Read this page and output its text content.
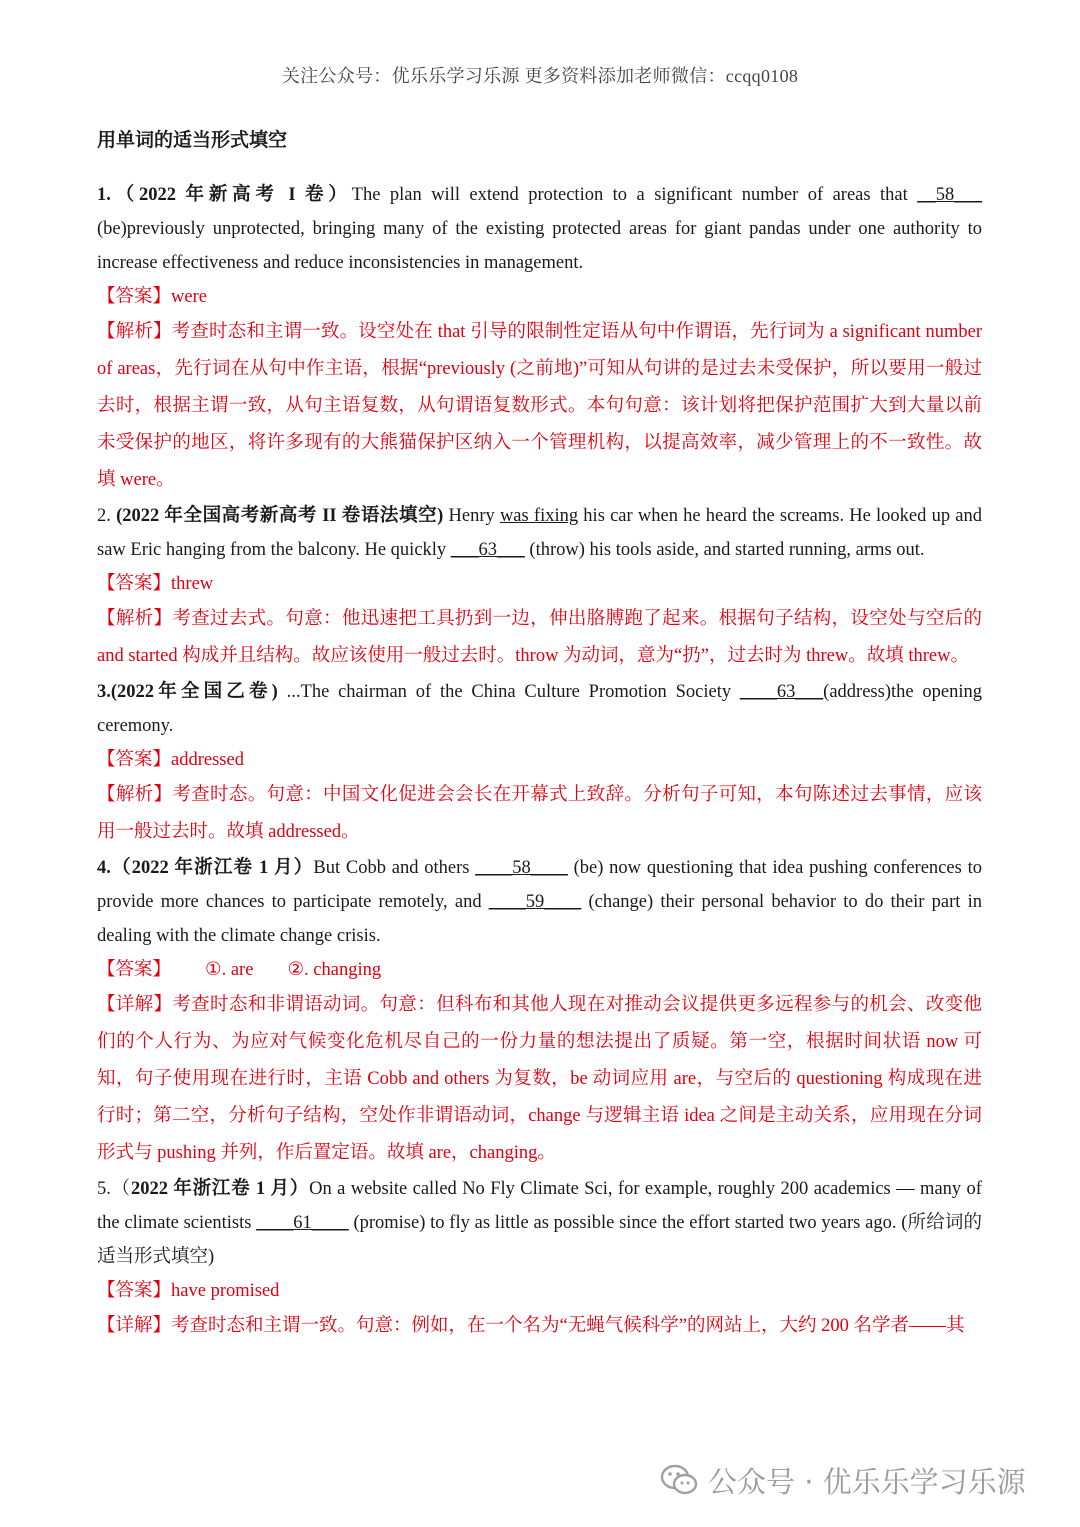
关注公众号：优乐乐学习乐源 更多资料添加老师微信：ccqq0108
用单词的适当形式填空

1.（2022 年新高考 I 卷）The plan will extend protection to a significant number of areas that __58___ (be)previously unprotected, bringing many of the existing protected areas for giant pandas under one authority to increase effectiveness and reduce inconsistencies in management.

【答案】were

【解析】考查时态和主谓一致。设空处在 that 引导的限制性定语从句中作谓语，先行词为 a significant number of areas，先行词在从句中作主语，根据“previously (之前地)”可知从句讲的是过去未受保护，所以要用一般过去时，根据主谓一致，从句主语复数，从句谓语复数形式。本句句意：该计划将把保护范围扩大到大量以前未受保护的地区，将许多现有的大熊猫保护区纳入一个管理机构，以提高效率，减少管理上的不一致性。故填 were。

2. (2022 年全国高考新高考 II 卷语法填空) Henry was fixing his car when he heard the screams. He looked up and saw Eric hanging from the balcony. He quickly ___63___ (throw) his tools aside, and started running, arms out.

【答案】threw

【解析】考查过去式。句意：他迅速把工具扔到一边，伸出胳膊跑了起来。根据句子结构，设空处与空后的 and started 构成并且结构。故应该使用一般过去时。throw 为动词，意为“扔”，过去时为 threw。故填 threw。

3.(2022年全国乙卷) ...The chairman of the China Culture Promotion Society ____63___(address)the opening ceremony.

【答案】addressed

【解析】考查时态。句意：中国文化促进会会长在开幕式上致辞。分析句子可知，本句陈述过去事情，应该用一般过去时。故填 addressed。

4.（2022 年浙江卷 1 月）But Cobb and others ____58____ (be) now questioning that idea pushing conferences to provide more chances to participate remotely, and ____59____ (change) their personal behavior to do their part in dealing with the climate change crisis.

【答案】 ①. are ②. changing

【详解】考查时态和非谓语动词。句意：但科布和其他人现在对推动会议提供更多远程参与的机会、改变他们的个人行为、为应对气候变化危机尽自己的一份力量的想法提出了质疑。第一空，根据时间状语 now 可知，句子使用现在进行时，主语 Cobb and others 为复数，be 动词应用 are，与空后的 questioning 构成现在进行时；第二空，分析句子结构，空处作非谓语动词，change 与逻辑主语 idea 之间是主动关系，应用现在分词形式与 pushing 并列，作后置定语。故填 are，changing。

5.（2022 年浙江卷 1 月）On a website called No Fly Climate Sci, for example, roughly 200 academics — many of the climate scientists ____61____ (promise) to fly as little as possible since the effort started two years ago. (所给词的适当形式填空)

【答案】have promised

【详解】考查时态和主谓一致。句意：例如，在一个名为“无蝇气候科学”的网站上，大约 200 名学者——其

公众号 · 优乐乐学习乐源
